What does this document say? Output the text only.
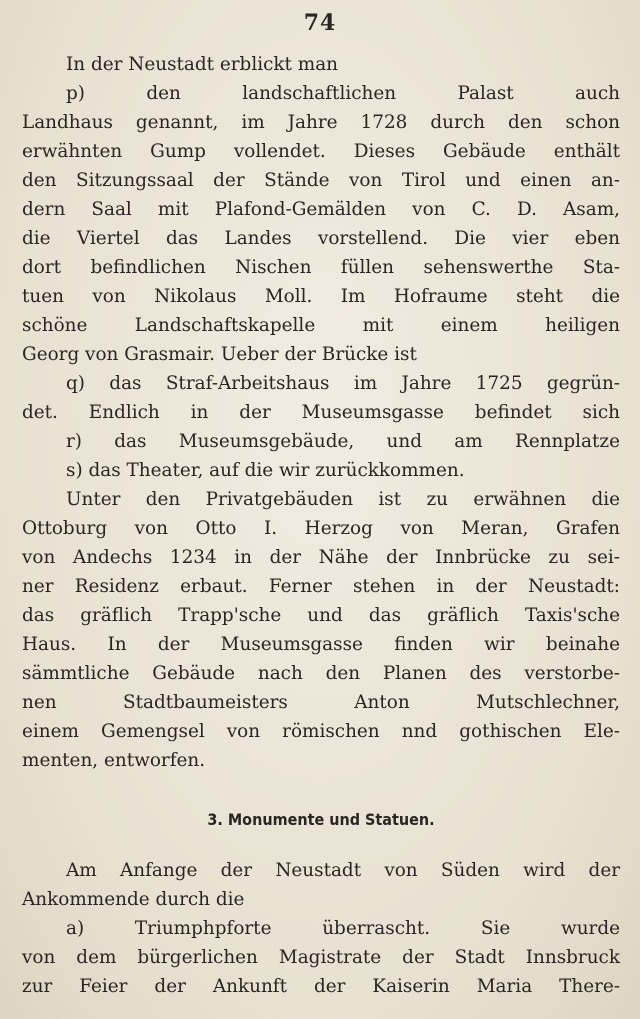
74
In der Neustadt erblickt man
p) den landschaftlichen Palast auch
Landhaus genannt, im Jahre 1728 durch den schon
erwähnten Gump vollendet. Dieses Gebäude enthält
den Sitzungssaal der Stände von Tirol und einen an-
dern Saal mit Plafond-Gemälden von C. D. Asam,
die Viertel das Landes vorstellend. Die vier eben
dort befindlichen Nischen füllen sehenswerthe Sta-
tuen von Nikolaus Moll. Im Hofraume steht die
schöne Landschaftskapelle mit einem heiligen
Georg von Grasmair. Ueber der Brücke ist
q) das Straf-Arbeitshaus im Jahre 1725 gegrün-
det. Endlich in der Museumsgasse befindet sich
r) das Museumsgebäude, und am Rennplatze
s) das Theater, auf die wir zurückkommen.
Unter den Privatgebäuden ist zu erwähnen die
Ottoburg von Otto I. Herzog von Meran, Grafen
von Andechs 1234 in der Nähe der Innbrücke zu sei-
ner Residenz erbaut. Ferner stehen in der Neustadt:
das gräflich Trapp'sche und das gräflich Taxis'sche
Haus. In der Museumsgasse finden wir beinahe
sämmtliche Gebäude nach den Planen des verstorbe-
nen Stadtbaumeisters Anton Mutschlechner,
einem Gemengsel von römischen nnd gothischen Ele-
menten, entworfen.
3. Monumente und Statuen.
Am Anfange der Neustadt von Süden wird der
Ankommende durch die
a) Triumphpforte überrascht. Sie wurde
von dem bürgerlichen Magistrate der Stadt Innsbruck
zur Feier der Ankunft der Kaiserin Maria There-
